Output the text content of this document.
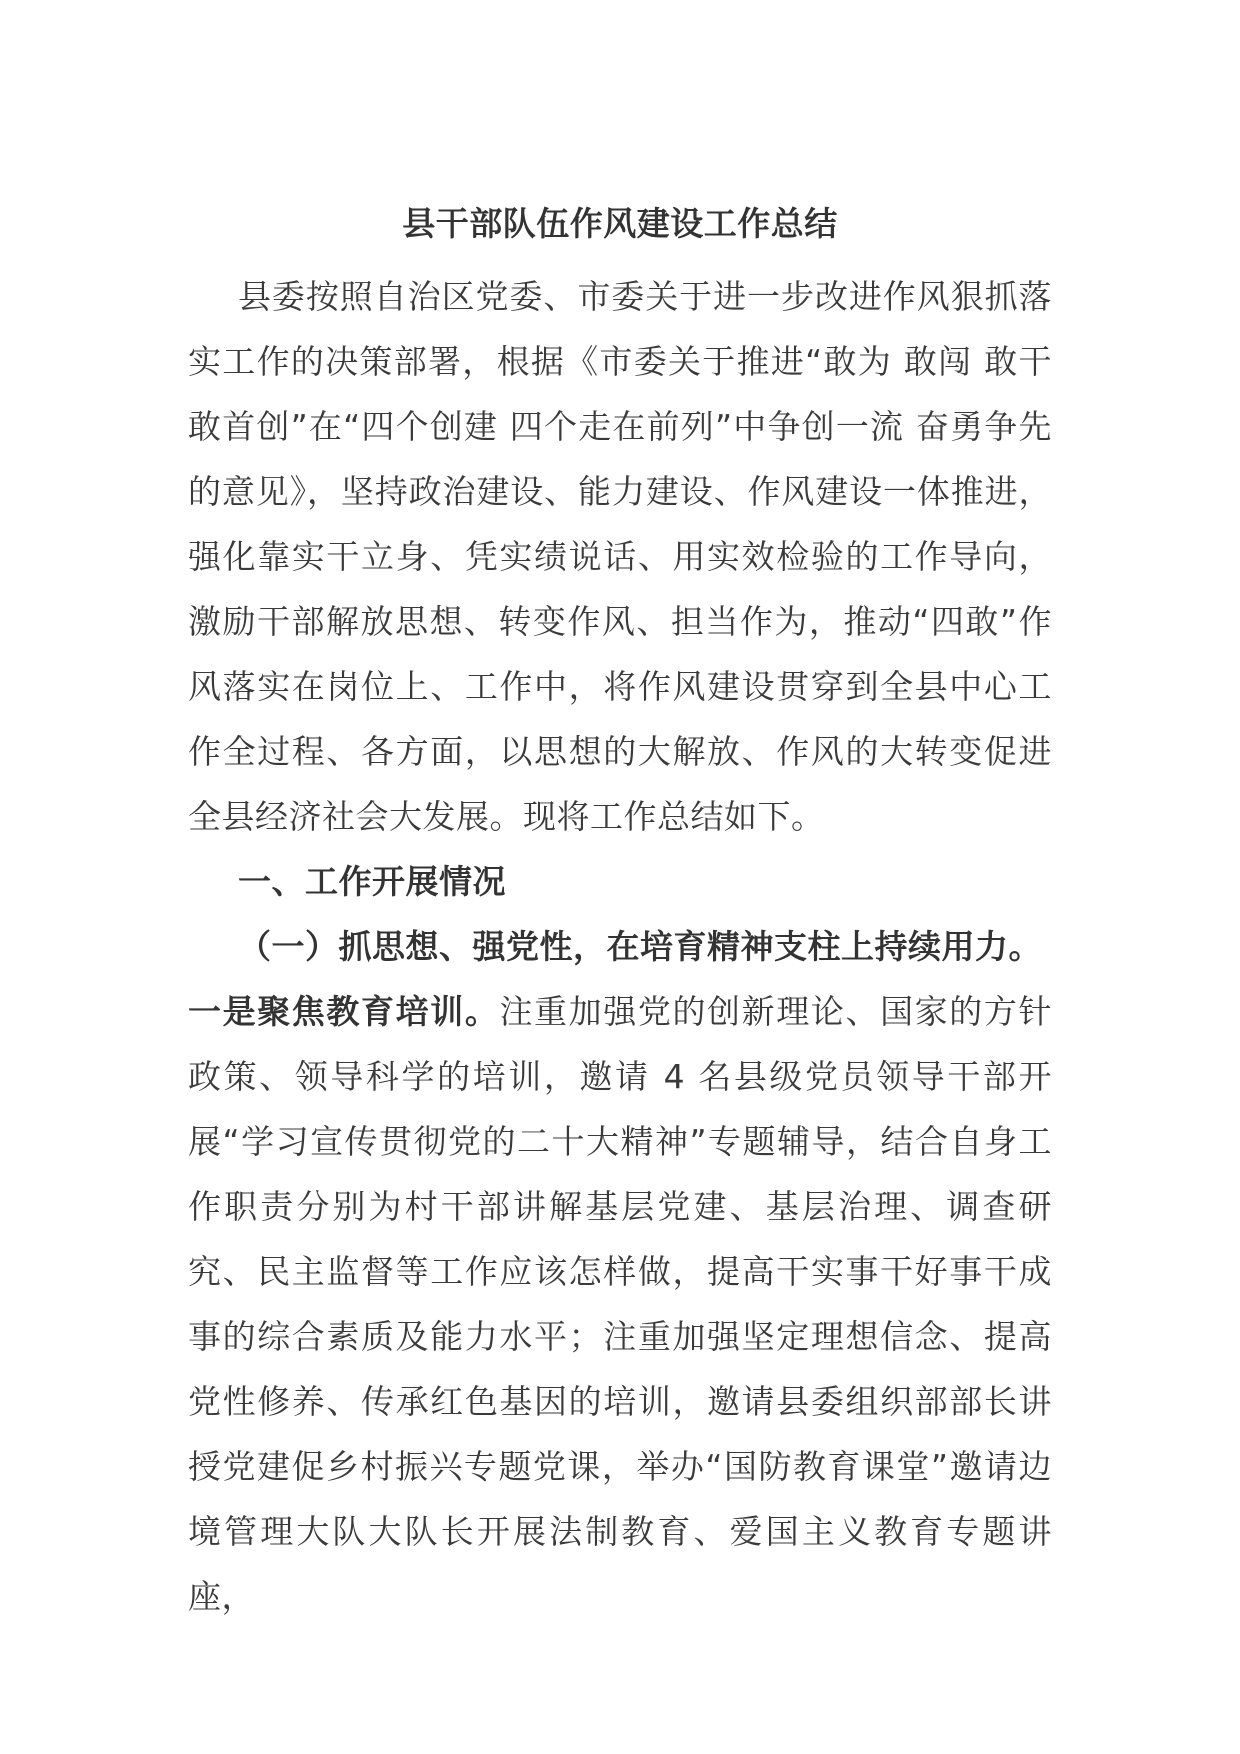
县干部队伍作风建设工作总结

县委按照自治区党委、市委关于进一步改进作风狠抓落实工作的决策部署，根据《市委关于推进“敢为 敢闯 敢干 敢首创”在“四个创建 四个走在前列”中争创一流 奋勇争先的意见》，坚持政治建设、能力建设、作风建设一体推进，强化靠实干立身、凭实绩说话、用实效检验的工作导向，激励干部解放思想、转变作风、担当作为，推动“四敢”作风落实在岗位上、工作中，将作风建设贯穿到全县中心工作全过程、各方面，以思想的大解放、作风的大转变促进全县经济社会大发展。现将工作总结如下。

一、工作开展情况

（一）抓思想、强党性，在培育精神支柱上持续用力。

一是聚焦教育培训。注重加强党的创新理论、国家的方针政策、领导科学的培训，邀请 4 名县级党员领导干部开展“学习宣传贯彻党的二十大精神”专题辅导，结合自身工作职责分别为村干部讲解基层党建、基层治理、调查研究、民主监督等工作应该怎样做，提高干实事干好事干成事的综合素质及能力水平；注重加强坚定理想信念、提高党性修养、传承红色基因的培训，邀请县委组织部部长讲授党建促乡村振兴专题党课，举办“国防教育课堂”邀请边境管理大队大队长开展法制教育、爱国主义教育专题讲座，
